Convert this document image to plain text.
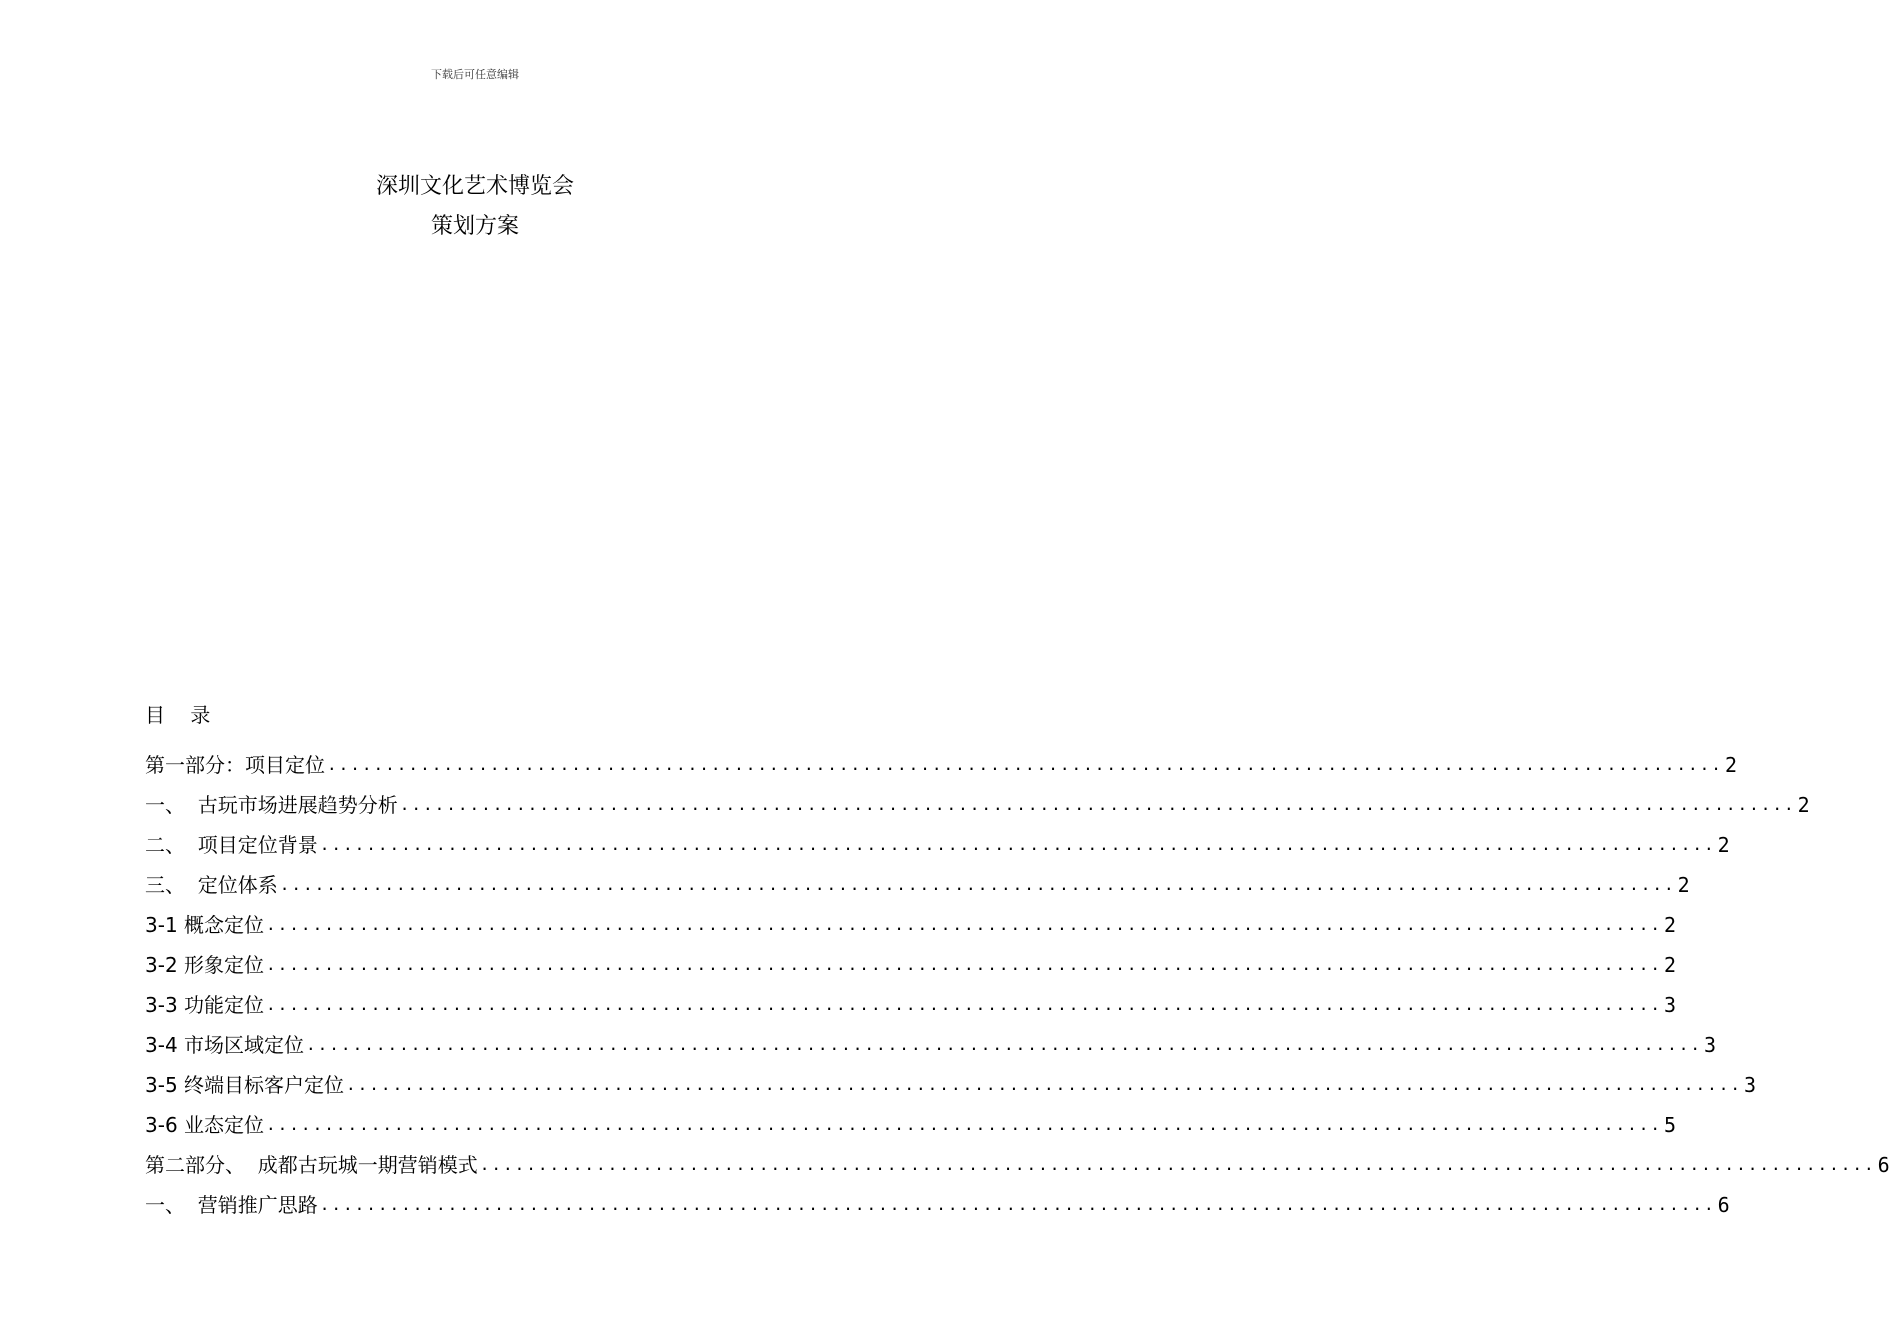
下载后可任意编辑
深圳文化艺术博览会
策划方案
目    录
第一部分：项目定位 ........................................................................................................................ 2
一、  古玩市场进展趋势分析 ........................................................................................................................ 2
二、  项目定位背景 ........................................................................................................................ 2
三、  定位体系 ........................................................................................................................ 2
3-1 概念定位 ........................................................................................................................ 2
3-2 形象定位 ........................................................................................................................ 2
3-3 功能定位 ........................................................................................................................ 3
3-4 市场区域定位 ........................................................................................................................ 3
3-5 终端目标客户定位 ........................................................................................................................ 3
3-6 业态定位 ........................................................................................................................ 5
第二部分、  成都古玩城一期营销模式 ........................................................................................................................ 6
一、  营销推广思路 ........................................................................................................................ 6
